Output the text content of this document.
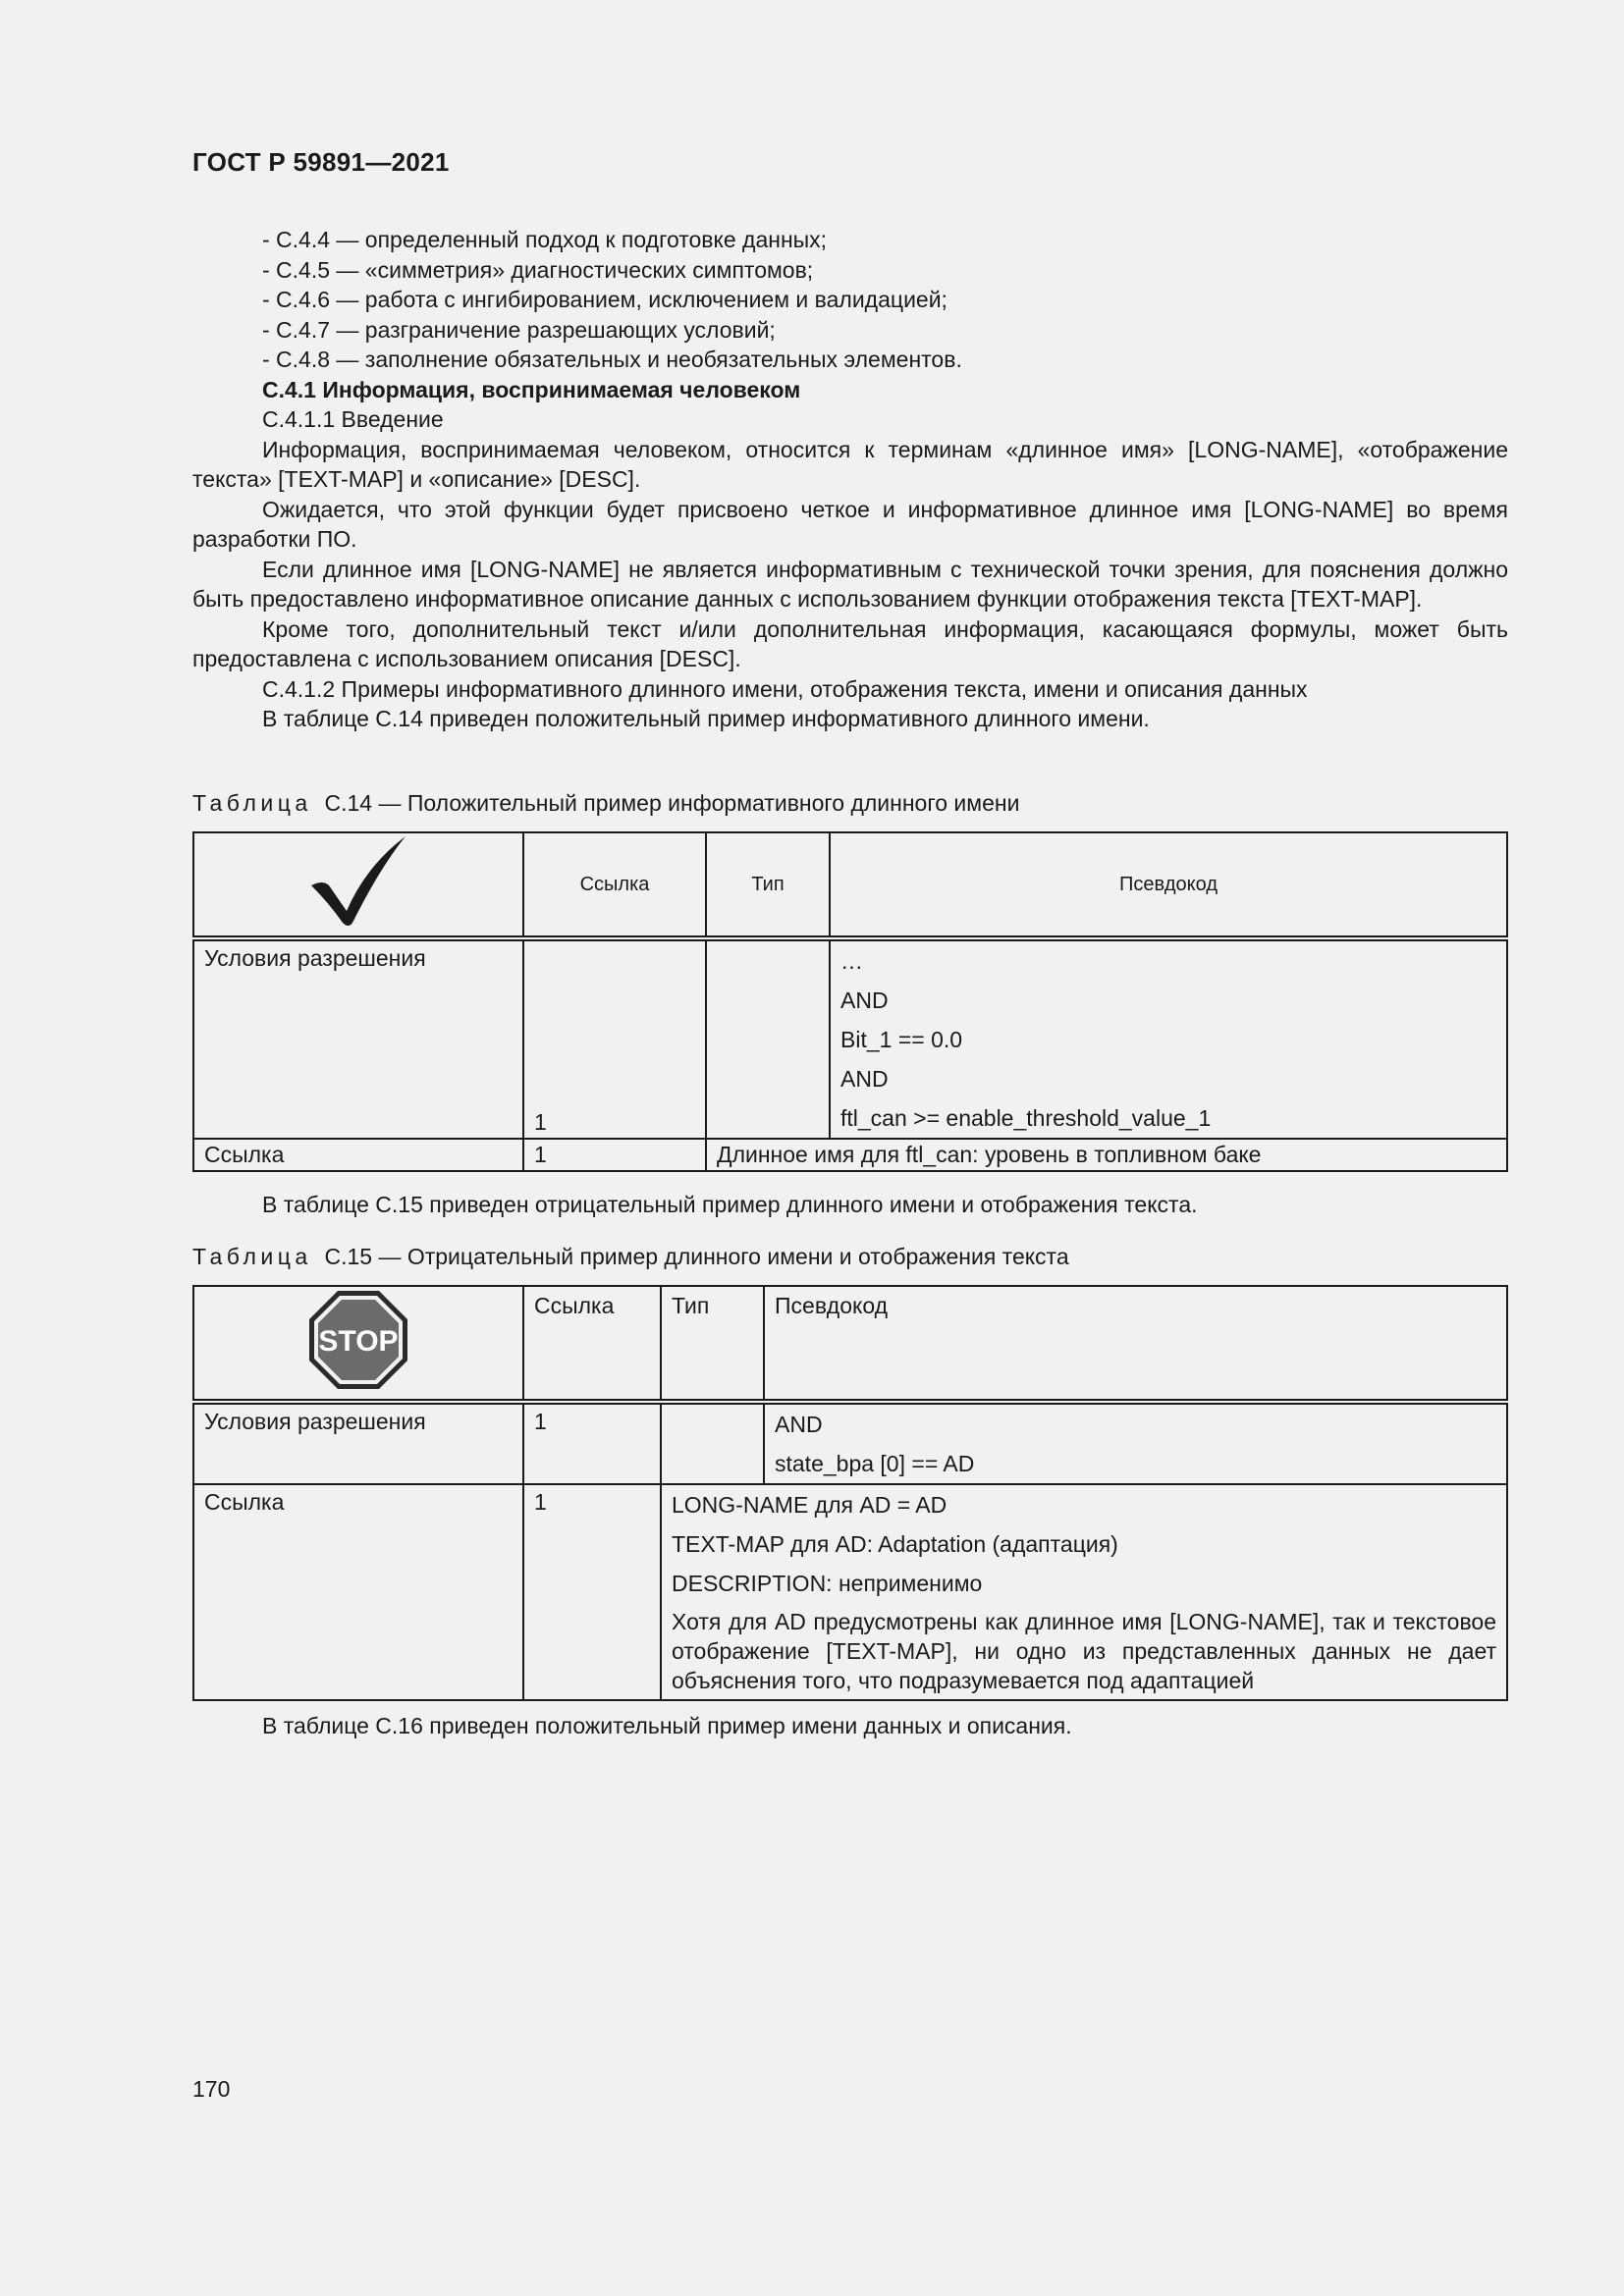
ГОСТ Р 59891—2021

- С.4.4 — определенный подход к подготовке данных;

- С.4.5 — «симметрия» диагностических симптомов;

- С.4.6 — работа с ингибированием, исключением и валидацией;

- С.4.7 — разграничение разрешающих условий;

- С.4.8 — заполнение обязательных и необязательных элементов.

С.4.1 Информация, воспринимаемая человеком

С.4.1.1 Введение

Информация, воспринимаемая человеком, относится к терминам «длинное имя» [LONG-NAME], «отображение текста» [TEXT-MAP] и «описание» [DESC].

Ожидается, что этой функции будет присвоено четкое и информативное длинное имя [LONG-NAME] во время разработки ПО.

Если длинное имя [LONG-NAME] не является информативным с технической точки зрения, для пояснения должно быть предоставлено информативное описание данных с использованием функции отображения текста [TEXT-MAP].

Кроме того, дополнительный текст и/или дополнительная информация, касающаяся формулы, может быть предоставлена с использованием описания [DESC].

С.4.1.2 Примеры информативного длинного имени, отображения текста, имени и описания данных

В таблице С.14 приведен положительный пример информативного длинного имени.

Таблица С.14 — Положительный пример информативного длинного имени

	Ссылка	Тип	Псевдокод

Условия разрешения	1		…
AND
Bit_1 == 0.0
AND
ftl_can >= enable_threshold_value_1

Ссылка	1	Длинное имя для ftl_can: уровень в топливном баке	

В таблице С.15 приведен отрицательный пример длинного имени и отображения текста.

Таблица С.15 — Отрицательный пример длинного имени и отображения текста

STOP	Ссылка	Тип	Псевдокод

Условия разрешения	1		AND
state_bpa [0] == AD

Ссылка	1	LONG-NAME для AD = AD
TEXT-MAP для AD: Adaptation (адаптация)
DESCRIPTION: неприменимо
Хотя для AD предусмотрены как длинное имя [LONG-NAME], так и текстовое отображение [TEXT-MAP], ни одно из представленных данных не дает объяснения того, что подразумевается под адаптацией	

В таблице С.16 приведен положительный пример имени данных и описания.

170
